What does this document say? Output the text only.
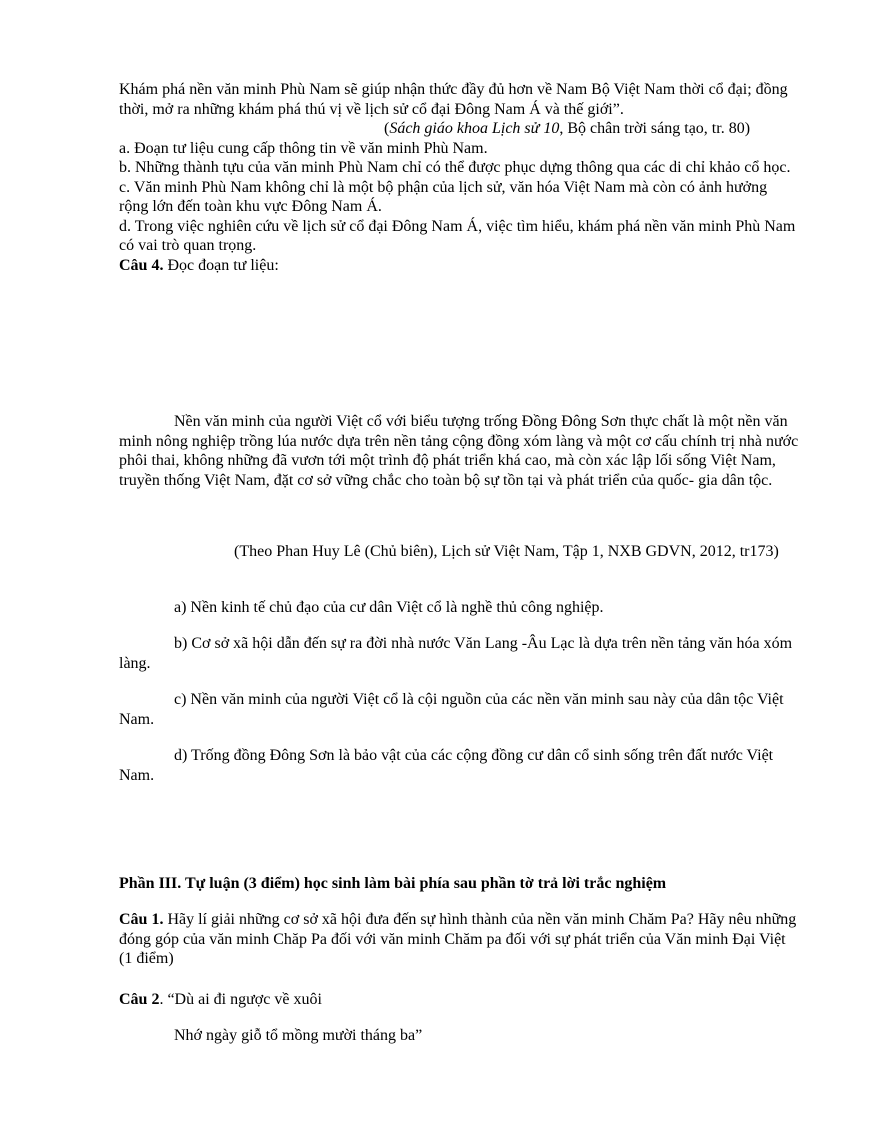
Khám phá nền văn minh Phù Nam sẽ giúp nhận thức đầy đủ hơn về Nam Bộ Việt Nam thời cổ đại; đồng thời, mở ra những khám phá thú vị về lịch sử cổ đại Đông Nam Á và thế giới”.

(Sách giáo khoa Lịch sử 10, Bộ chân trời sáng tạo, tr. 80)

a. Đoạn tư liệu cung cấp thông tin về văn minh Phù Nam.

b. Những thành tựu của văn minh Phù Nam chỉ có thể được phục dựng thông qua các di chỉ khảo cổ học.

c. Văn minh Phù Nam không chỉ là một bộ phận của lịch sử, văn hóa Việt Nam mà còn có ảnh hưởng rộng lớn đến toàn khu vực Đông Nam Á.

d. Trong việc nghiên cứu về lịch sử cổ đại Đông Nam Á, việc tìm hiểu, khám phá nền văn minh Phù Nam có vai trò quan trọng.

Câu 4. Đọc đoạn tư liệu:

Nền văn minh của người Việt cổ với biểu tượng trống Đồng Đông Sơn thực chất là một nền văn minh nông nghiệp trồng lúa nước dựa trên nền tảng cộng đồng xóm làng và một cơ cấu chính trị nhà nước phôi thai, không những đã vươn tới một trình độ phát triển khá cao, mà còn xác lập lối sống Việt Nam, truyền thống Việt Nam, đặt cơ sở vững chắc cho toàn bộ sự tồn tại và phát triển của quốc- gia dân tộc.

(Theo Phan Huy Lê (Chủ biên), Lịch sử Việt Nam, Tập 1, NXB GDVN, 2012, tr173)

a) Nền kinh tế chủ đạo của cư dân Việt cổ là nghề thủ công nghiệp.

b) Cơ sở xã hội dẫn đến sự ra đời nhà nước Văn Lang -Âu Lạc là dựa trên nền tảng văn hóa xóm làng.

c) Nền văn minh của người Việt cổ là cội nguồn của các nền văn minh sau này của dân tộc Việt Nam.

d) Trống đồng Đông Sơn là bảo vật của các cộng đồng cư dân cổ sinh sống trên đất nước Việt Nam.

Phần III. Tự luận (3 điểm) học sinh làm bài phía sau phần tờ trả lời trắc nghiệm

Câu 1. Hãy lí giải những cơ sở xã hội đưa đến sự hình thành của nền văn minh Chăm Pa? Hãy nêu những đóng góp của văn minh Chăp Pa đối với văn minh Chăm pa đối với sự phát triển của Văn minh Đại Việt (1 điểm)

Câu 2. “Dù ai đi ngược về xuôi

Nhớ ngày giỗ tổ mồng mười tháng ba”
